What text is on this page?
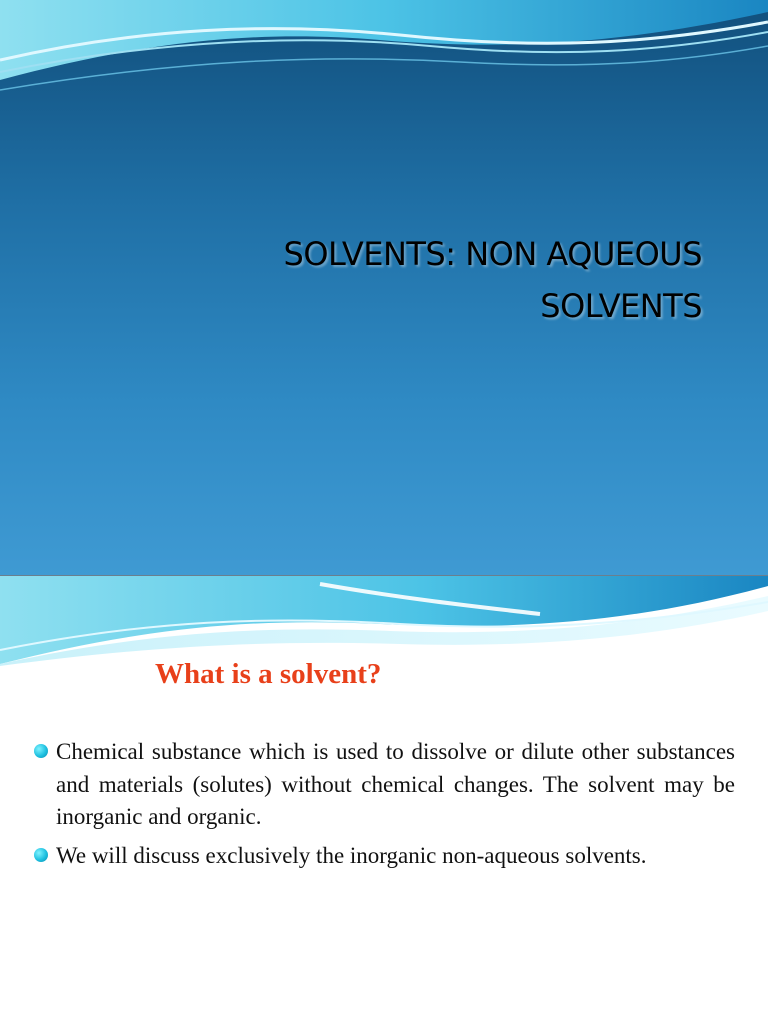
SOLVENTS: NON AQUEOUS
SOLVENTS
What is a solvent?
Chemical substance which is used to dissolve or dilute other substances and materials (solutes) without chemical changes. The solvent may be inorganic and organic.
We will discuss exclusively the inorganic non-aqueous solvents.
